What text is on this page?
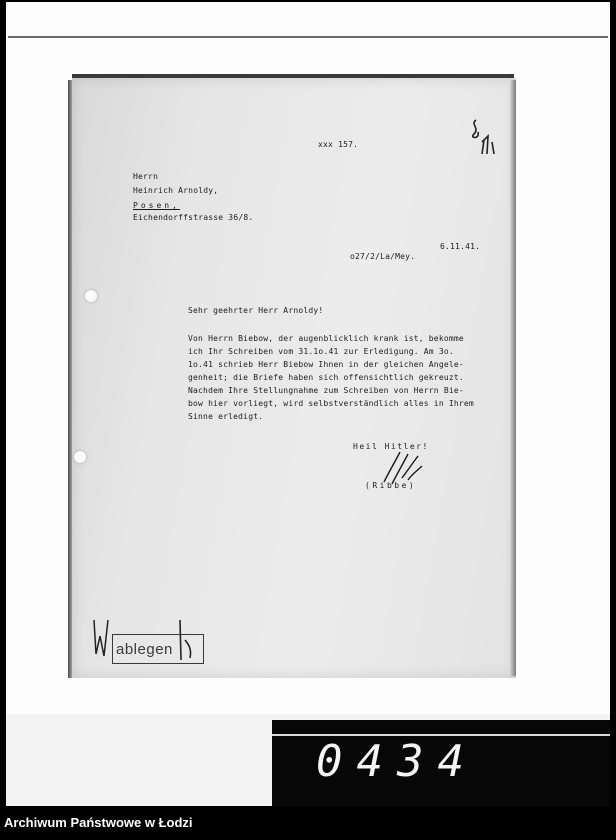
xxx 157.
Herrn
Heinrich Arnoldy,
Posen,
Eichendorffstrasse 36/8.
6.11.41.
o27/2/La/Mey.
Sehr geehrter Herr Arnoldy!
Von Herrn Biebow, der augenblicklich krank ist, bekomme
ich Ihr Schreiben vom 31.1o.41 zur Erledigung. Am 3o.
1o.41 schrieb Herr Biebow Ihnen in der gleichen Angele-
genheit; die Briefe haben sich offensichtlich gekreuzt.
Nachdem Ihre Stellungnahme zum Schreiben von Herrn Bie-
bow hier vorliegt, wird selbstverständlich alles in Ihrem
Sinne erledigt.
Heil Hitler!
(Ribbe)
ablegen
0434
Archiwum Państwowe w Łodzi
